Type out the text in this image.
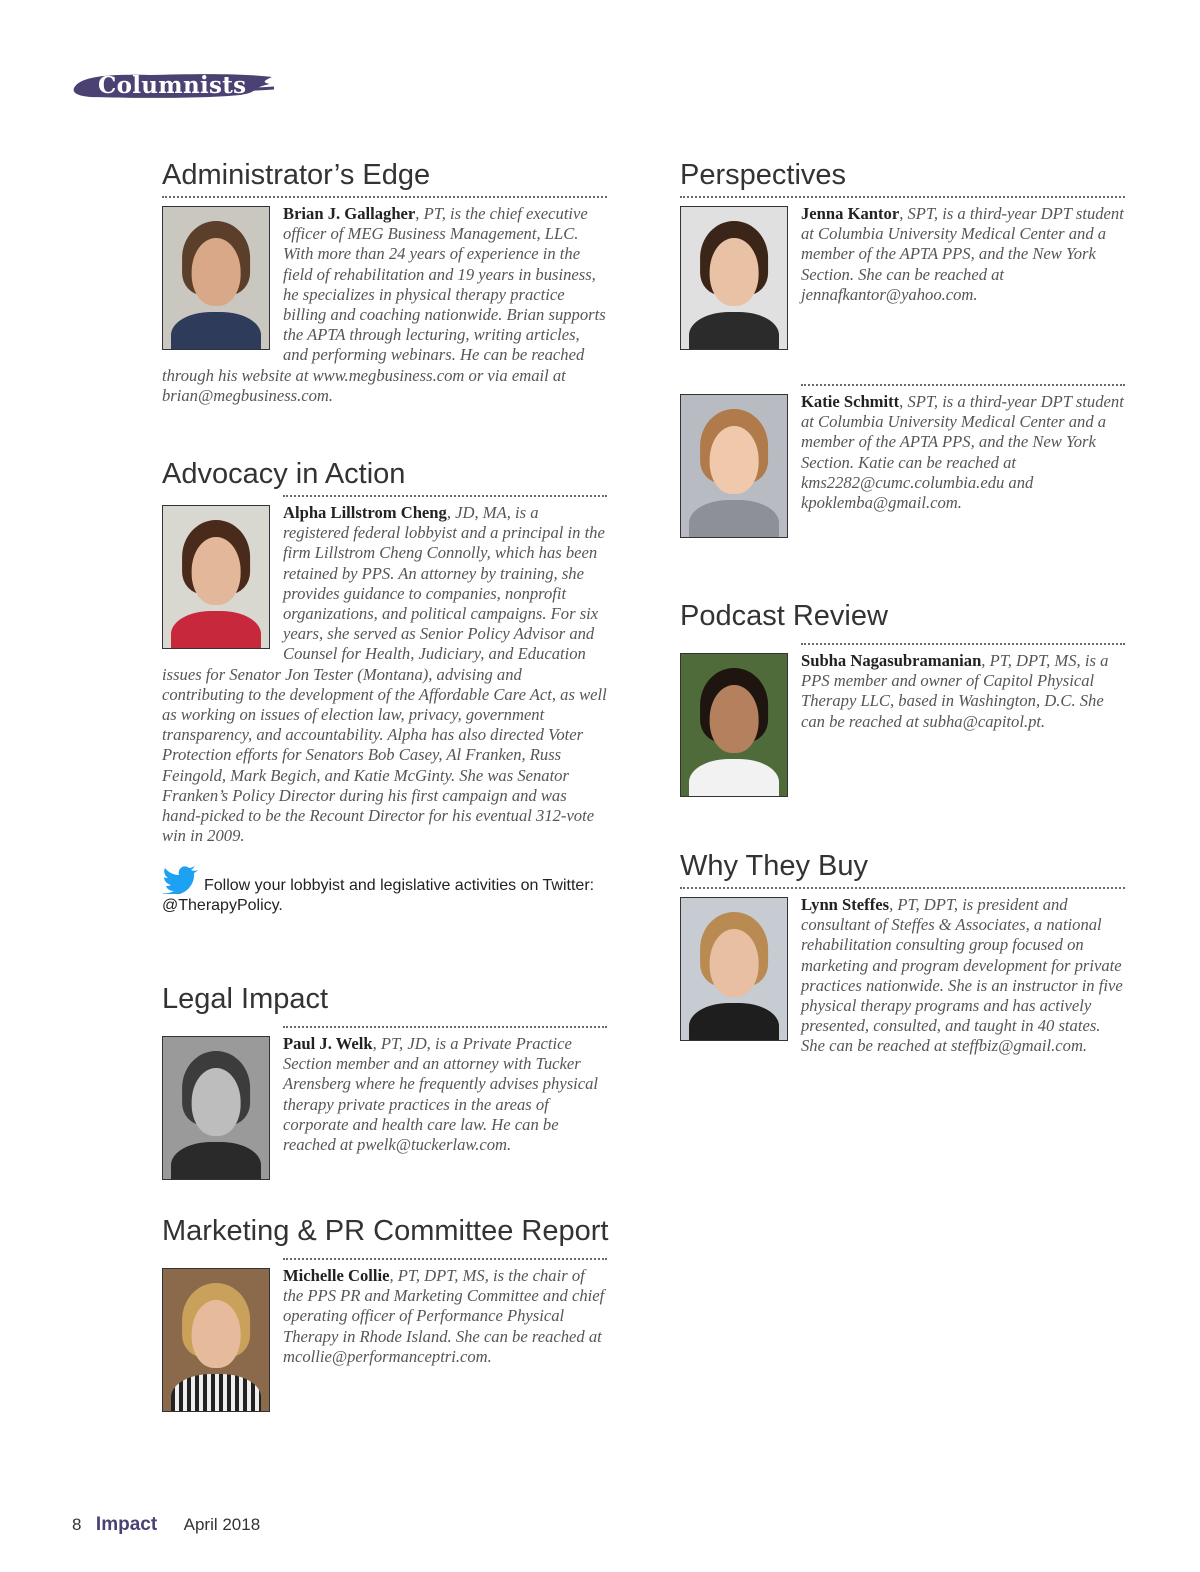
Columnists
Administrator’s Edge
Brian J. Gallagher, PT, is the chief executive officer of MEG Business Management, LLC. With more than 24 years of experience in the field of rehabilitation and 19 years in business, he specializes in physical therapy practice billing and coaching nationwide. Brian supports the APTA through lecturing, writing articles, and performing webinars. He can be reached through his website at www.megbusiness.com or via email at brian@megbusiness.com.
Advocacy in Action
Alpha Lillstrom Cheng, JD, MA, is a registered federal lobbyist and a principal in the firm Lillstrom Cheng Connolly, which has been retained by PPS. An attorney by training, she provides guidance to companies, nonprofit organizations, and political campaigns. For six years, she served as Senior Policy Advisor and Counsel for Health, Judiciary, and Education issues for Senator Jon Tester (Montana), advising and contributing to the development of the Affordable Care Act, as well as working on issues of election law, privacy, government transparency, and accountability. Alpha has also directed Voter Protection efforts for Senators Bob Casey, Al Franken, Russ Feingold, Mark Begich, and Katie McGinty. She was Senator Franken’s Policy Director during his first campaign and was hand-picked to be the Recount Director for his eventual 312-vote win in 2009.
Follow your lobbyist and legislative activities on Twitter: @TherapyPolicy.
Legal Impact
Paul J. Welk, PT, JD, is a Private Practice Section member and an attorney with Tucker Arensberg where he frequently advises physical therapy private practices in the areas of corporate and health care law. He can be reached at pwelk@tuckerlaw.com.
Marketing & PR Committee Report
Michelle Collie, PT, DPT, MS, is the chair of the PPS PR and Marketing Committee and chief operating officer of Performance Physical Therapy in Rhode Island. She can be reached at mcollie@performanceptri.com.
Perspectives
Jenna Kantor, SPT, is a third-year DPT student at Columbia University Medical Center and a member of the APTA PPS, and the New York Section. She can be reached at jennafkantor@yahoo.com.
Katie Schmitt, SPT, is a third-year DPT student at Columbia University Medical Center and a member of the APTA PPS, and the New York Section. Katie can be reached at kms2282@cumc.columbia.edu and kpoklemba@gmail.com.
Podcast Review
Subha Nagasubramanian, PT, DPT, MS, is a PPS member and owner of Capitol Physical Therapy LLC, based in Washington, D.C. She can be reached at subha@capitol.pt.
Why They Buy
Lynn Steffes, PT, DPT, is president and consultant of Steffes & Associates, a national rehabilitation consulting group focused on marketing and program development for private practices nationwide. She is an instructor in five physical therapy programs and has actively presented, consulted, and taught in 40 states. She can be reached at steffbiz@gmail.com.
8 Impact April 2018
